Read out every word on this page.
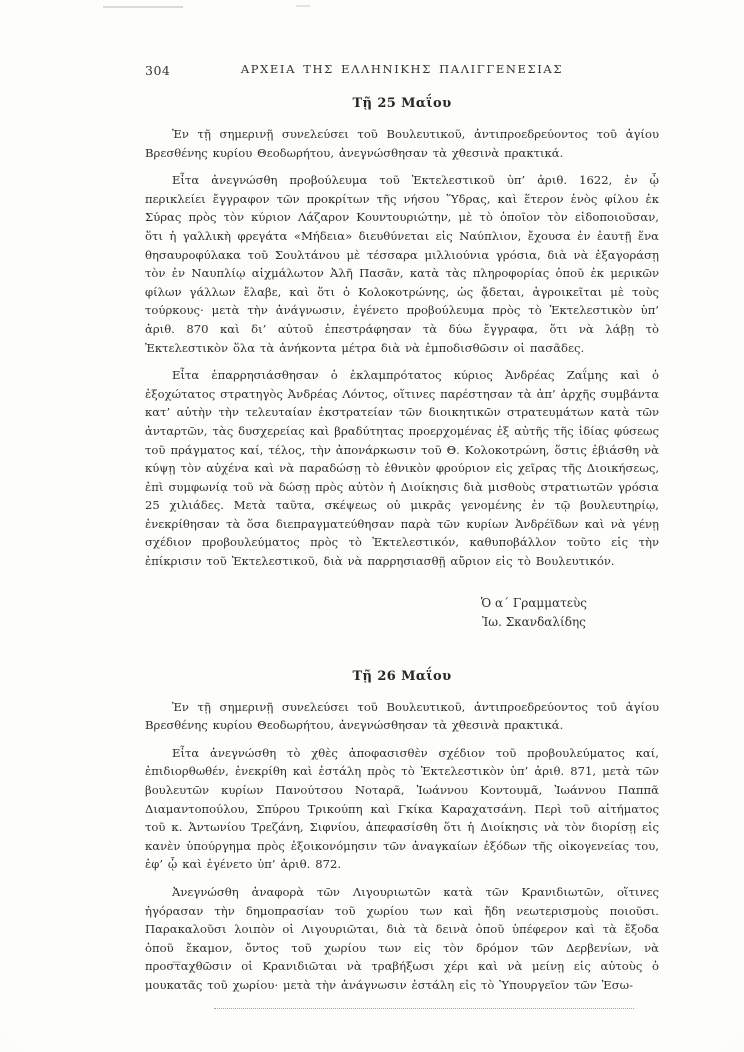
304	ΑΡΧΕΙΑ ΤΗΣ ΕΛΛΗΝΙΚΗΣ ΠΑΛΙΓΓΕΝΕΣΙΑΣ
Τῇ 25 Μαΐου

Ἐν τῇ σημερινῇ συνελεύσει τοῦ Βουλευτικοῦ, ἀντιπροεδρεύοντος τοῦ ἁγίου Βρεσθένης κυρίου Θεοδωρήτου, ἀνεγνώσθησαν τὰ χθεσινὰ πρακτικά.

Εἶτα ἀνεγνώσθη προβούλευμα τοῦ Ἐκτελεστικοῦ ὑπ’ ἀριθ. 1622, ἐν ᾧ περικλείει ἔγγραφον τῶν προκρίτων τῆς νήσου Ὕδρας, καὶ ἕτερον ἑνὸς φίλου ἐκ Σύρας πρὸς τὸν κύριον Λάζαρον Κουντουριώτην, μὲ τὸ ὁποῖον τὸν εἰδοποιοῦσαν, ὅτι ἡ γαλλικὴ φρεγάτα «Μήδεια» διευθύνεται εἰς Ναύπλιον, ἔχουσα ἐν ἑαυτῇ ἕνα θησαυροφύλακα τοῦ Σουλτάνου μὲ τέσσαρα μιλλιούνια γρόσια, διὰ νὰ ἐξαγοράσῃ τὸν ἐν Ναυπλίῳ αἰχμάλωτον Ἀλῆ Πασᾶν, κατὰ τὰς πληροφορίας ὁποῦ ἐκ μερικῶν φίλων γάλλων ἔλαβε, καὶ ὅτι ὁ Κολοκοτρώνης, ὡς ᾄδεται, ἀγροικεῖται μὲ τοὺς τούρκους· μετὰ τὴν ἀνάγνωσιν, ἐγένετο προβούλευμα πρὸς τὸ Ἐκτελεστικὸν ὑπ’ ἀριθ. 870 καὶ δι’ αὐτοῦ ἐπεστράφησαν τὰ δύω ἔγγραφα, ὅτι νὰ λάβῃ τὸ Ἐκτελεστικὸν ὅλα τὰ ἀνήκοντα μέτρα διὰ νὰ ἐμποδισθῶσιν οἱ πασᾶδες.

Εἶτα ἐπαρρησιάσθησαν ὁ ἐκλαμπρότατος κύριος Ἀνδρέας Ζαΐμης καὶ ὁ ἐξοχώτατος στρατηγὸς Ἀνδρέας Λόντος, οἵτινες παρέστησαν τὰ ἀπ’ ἀρχῆς συμβάντα κατ’ αὐτὴν τὴν τελευταίαν ἐκστρατείαν τῶν διοικητικῶν στρατευμάτων κατὰ τῶν ἀνταρτῶν, τὰς δυσχερείας καὶ βραδύτητας προερχομένας ἐξ αὐτῆς τῆς ἰδίας φύσεως τοῦ πράγματος καί, τέλος, τὴν ἀπονάρκωσιν τοῦ Θ. Κολοκοτρώνη, ὅστις ἐβιάσθη νὰ κύψῃ τὸν αὐχένα καὶ νὰ παραδώσῃ τὸ ἐθνικὸν φρούριον εἰς χεῖρας τῆς Διοικήσεως, ἐπὶ συμφωνίᾳ τοῦ νὰ δώσῃ πρὸς αὐτὸν ἡ Διοίκησις διὰ μισθοὺς στρατιωτῶν γρόσια 25 χιλιάδες. Μετὰ ταῦτα, σκέψεως οὐ μικρᾶς γενομένης ἐν τῷ βουλευτηρίῳ, ἐνεκρίθησαν τὰ ὅσα διεπραγματεύθησαν παρὰ τῶν κυρίων Ἀνδρέϊδων καὶ νὰ γένῃ σχέδιον προβουλεύματος πρὸς τὸ Ἐκτελεστικόν, καθυποβάλλον τοῦτο εἰς τὴν ἐπίκρισιν τοῦ Ἐκτελεστικοῦ, διὰ νὰ παρρησιασθῇ αὔριον εἰς τὸ Βουλευτικόν.

Ὁ α΄ Γραμματεὺς
Ἰω. Σκανδαλίδης
Τῇ 26 Μαΐου

Ἐν τῇ σημερινῇ συνελεύσει τοῦ Βουλευτικοῦ, ἀντιπροεδρεύοντος τοῦ ἁγίου Βρεσθένης κυρίου Θεοδωρήτου, ἀνεγνώσθησαν τὰ χθεσινὰ πρακτικά.

Εἶτα ἀνεγνώσθη τὸ χθὲς ἀποφασισθὲν σχέδιον τοῦ προβουλεύματος καί, ἐπιδιορθωθέν, ἐνεκρίθη καὶ ἐστάλη πρὸς τὸ Ἐκτελεστικὸν ὑπ’ ἀριθ. 871, μετὰ τῶν βουλευτῶν κυρίων Πανούτσου Νοταρᾶ, Ἰωάννου Κοντουμᾶ, Ἰωάννου Παππᾶ Διαμαντοπούλου, Σπύρου Τρικούπη καὶ Γκίκα Καραχατσάνη. Περὶ τοῦ αἰτήματος τοῦ κ. Ἀντωνίου Τρεζάνη, Σιφνίου, ἀπεφασίσθη ὅτι ἡ Διοίκησις νὰ τὸν διορίσῃ εἰς κανὲν ὑπούργημα πρὸς ἐξοικονόμησιν τῶν ἀναγκαίων ἐξόδων τῆς οἰκογενείας του, ἐφ’ ᾧ καὶ ἐγένετο ὑπ’ ἀριθ. 872.

Ἀνεγνώσθη ἀναφορὰ τῶν Λιγουριωτῶν κατὰ τῶν Κρανιδιωτῶν, οἵτινες ἠγόρασαν τὴν δημοπρασίαν τοῦ χωρίου των καὶ ἤδη νεωτερισμοὺς ποιοῦσι. Παρακαλοῦσι λοιπὸν οἱ Λιγουριῶται, διὰ τὰ δεινὰ ὁποῦ ὑπέφερον καὶ τὰ ἔξοδα ὁποῦ ἔκαμον, ὄντος τοῦ χωρίου των εἰς τὸν δρόμον τῶν Δερβενίων, νὰ προσταχθῶσιν οἱ Κρανιδιῶται νὰ τραβήξωσι χέρι καὶ νὰ μείνῃ εἰς αὐτοὺς ὁ μουκατᾶς τοῦ χωρίου· μετὰ τὴν ἀνάγνωσιν ἐστάλη εἰς τὸ Ὑπουργεῖον τῶν Ἐσω-
